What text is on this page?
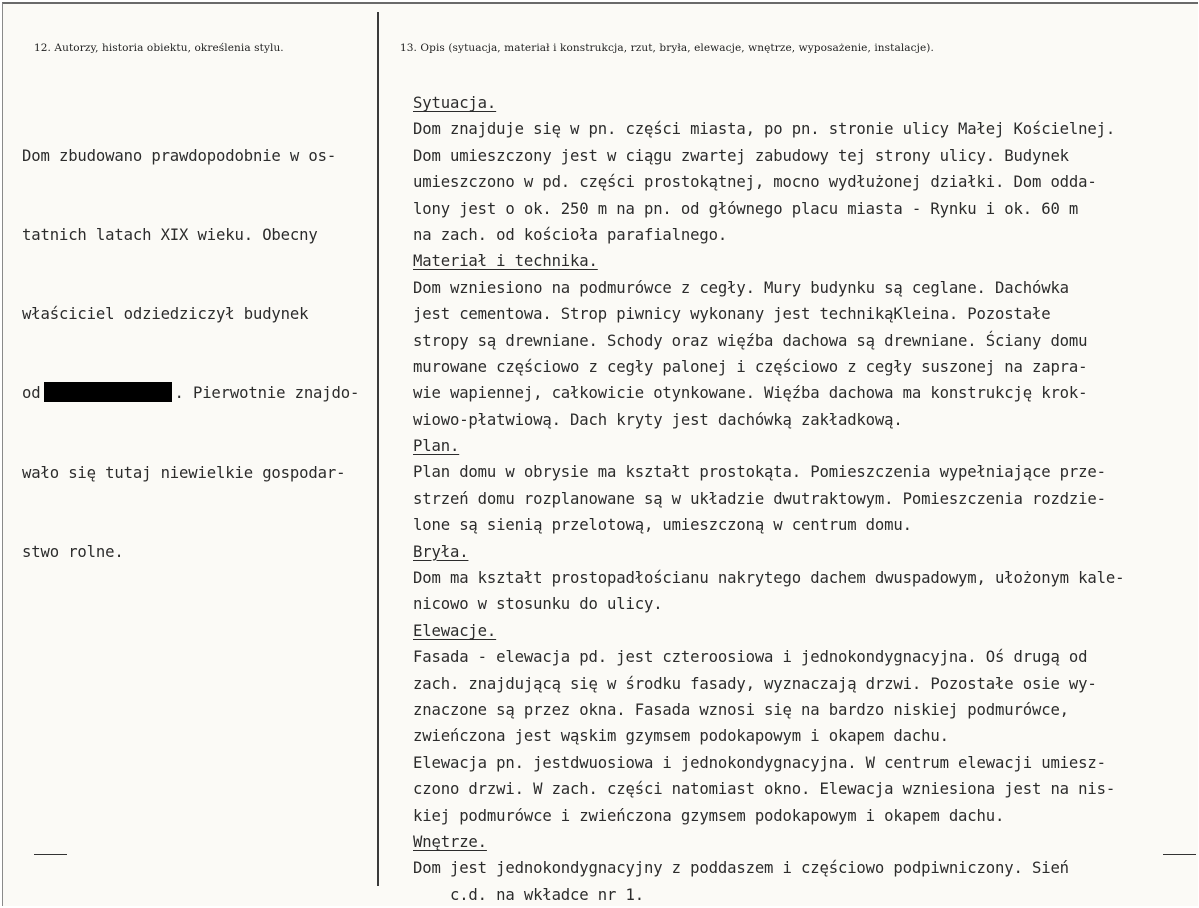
12. Autorzy, historia obiektu, określenia stylu.	13. Opis (sytuacja, materiał i konstrukcja, rzut, bryła, elewacje, wnętrze, wyposażenie, instalacje).

Dom zbudowano prawdopodobnie w os-

tatnich latach XIX wieku. Obecny

właściciel odziedziczył budynek

od	. Pierwotnie znajdo-

wało się tutaj niewielkie gospodar-

stwo rolne.

Sytuacja.
Dom znajduje się w pn. części miasta, po pn. stronie ulicy Małej Kościelnej.
Dom umieszczony jest w ciągu zwartej zabudowy tej strony ulicy. Budynek
umieszczono w pd. części prostokątnej, mocno wydłużonej działki. Dom odda-
lony jest o ok. 250 m na pn. od głównego placu miasta - Rynku i ok. 60 m
na zach. od kościoła parafialnego.
Materiał i technika.
Dom wzniesiono na podmurówce z cegły. Mury budynku są ceglane. Dachówka
jest cementowa. Strop piwnicy wykonany jest technikąKleina. Pozostałe
stropy są drewniane. Schody oraz więźba dachowa są drewniane. Ściany domu
murowane częściowo z cegły palonej i częściowo z cegły suszonej na zapra-
wie wapiennej, całkowicie otynkowane. Więźba dachowa ma konstrukcję krok-
wiowo-płatwiową. Dach kryty jest dachówką zakładkową.
Plan.
Plan domu w obrysie ma kształt prostokąta. Pomieszczenia wypełniające prze-
strzeń domu rozplanowane są w układzie dwutraktowym. Pomieszczenia rozdzie-
lone są sienią przelotową, umieszczoną w centrum domu.
Bryła.
Dom ma kształt prostopadłościanu nakrytego dachem dwuspadowym, ułożonym kale-
nicowo w stosunku do ulicy.
Elewacje.
Fasada - elewacja pd. jest czteroosiowa i jednokondygnacyjna. Oś drugą od
zach. znajdującą się w środku fasady, wyznaczają drzwi. Pozostałe osie wy-
znaczone są przez okna. Fasada wznosi się na bardzo niskiej podmurówce,
zwieńczona jest wąskim gzymsem podokapowym i okapem dachu.
Elewacja pn. jestdwuosiowa i jednokondygnacyjna. W centrum elewacji umiesz-
czono drzwi. W zach. części natomiast okno. Elewacja wzniesiona jest na nis-
kiej podmurówce i zwieńczona gzymsem podokapowym i okapem dachu.
Wnętrze.
Dom jest jednokondygnacyjny z poddaszem i częściowo podpiwniczony. Sień
c.d. na wkładce nr 1.
